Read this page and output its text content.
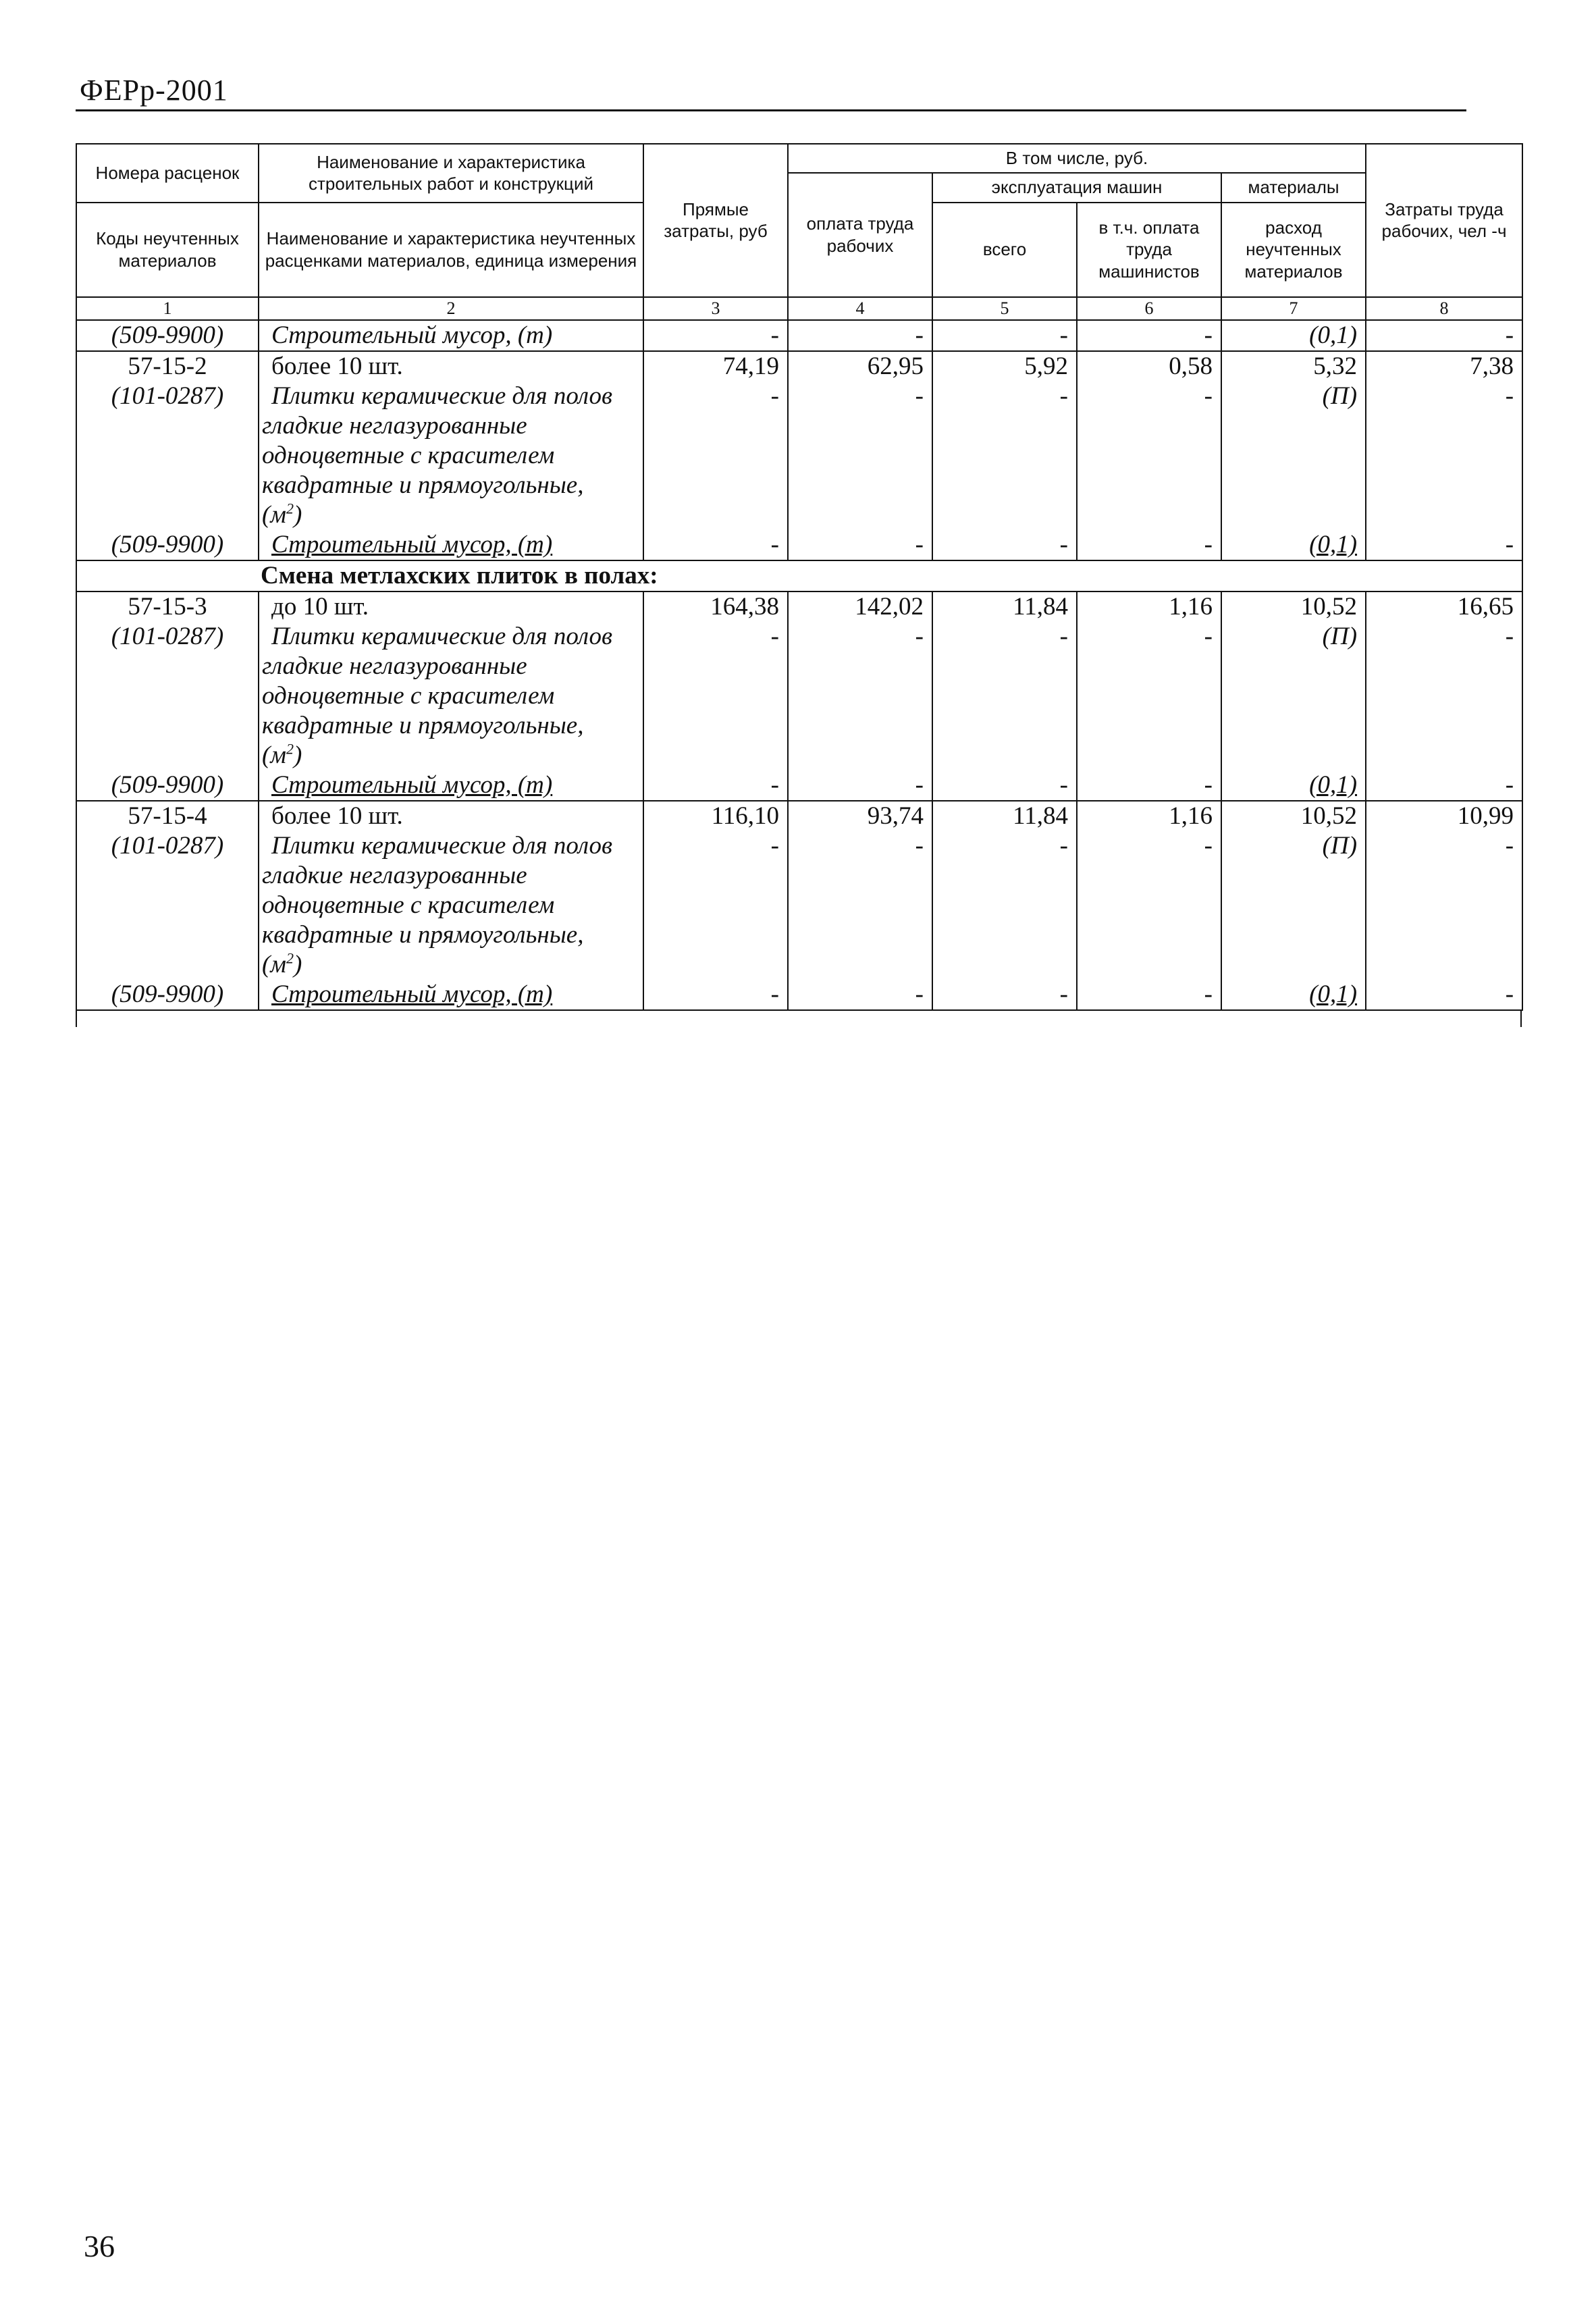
ФЕРр-2001
Номера расценок	Наименование и характеристика строительных работ и конструкций	Прямые затраты, руб	В том числе, руб.				Затраты труда рабочих, чел -ч
			оплата труда рабочих	эксплуатация машин		материалы	
Коды неучтенных материалов	Наименование и характеристика неучтенных расценками материалов, единица измерения			всего	в т.ч. оплата труда машинистов	расход неучтенных материалов	

1	2	3	4	5	6	7	8
(509-9900)	Строительный мусор, (т)	-	-	-	-	(0,1)	-
57-15-2	более 10 шт.	74,19	62,95	5,92	0,58	5,32	7,38
(101-0287)	Плитки керамические для полов
гладкие неглазурованные
одноцветные с красителем
квадратные и прямоугольные,
$(м^2)$	-	-	-	-	(П)	-
(509-9900)	Строительный мусор, (т)	-	-	-	-	(0,1)	-
Смена метлахских плиток в полах:							
57-15-3	до 10 шт.	164,38	142,02	11,84	1,16	10,52	16,65
(101-0287)	Плитки керамические для полов
гладкие неглазурованные
одноцветные с красителем
квадратные и прямоугольные,
$(м^2)$	-	-	-	-	(П)	-
(509-9900)	Строительный мусор, (т)	-	-	-	-	(0,1)	-
57-15-4	более 10 шт.	116,10	93,74	11,84	1,16	10,52	10,99
(101-0287)	Плитки керамические для полов
гладкие неглазурованные
одноцветные с красителем
квадратные и прямоугольные,
$(м^2)$	-	-	-	-	(П)	-
(509-9900)	Строительный мусор, (т)	-	-	-	-	(0,1)	-
36
